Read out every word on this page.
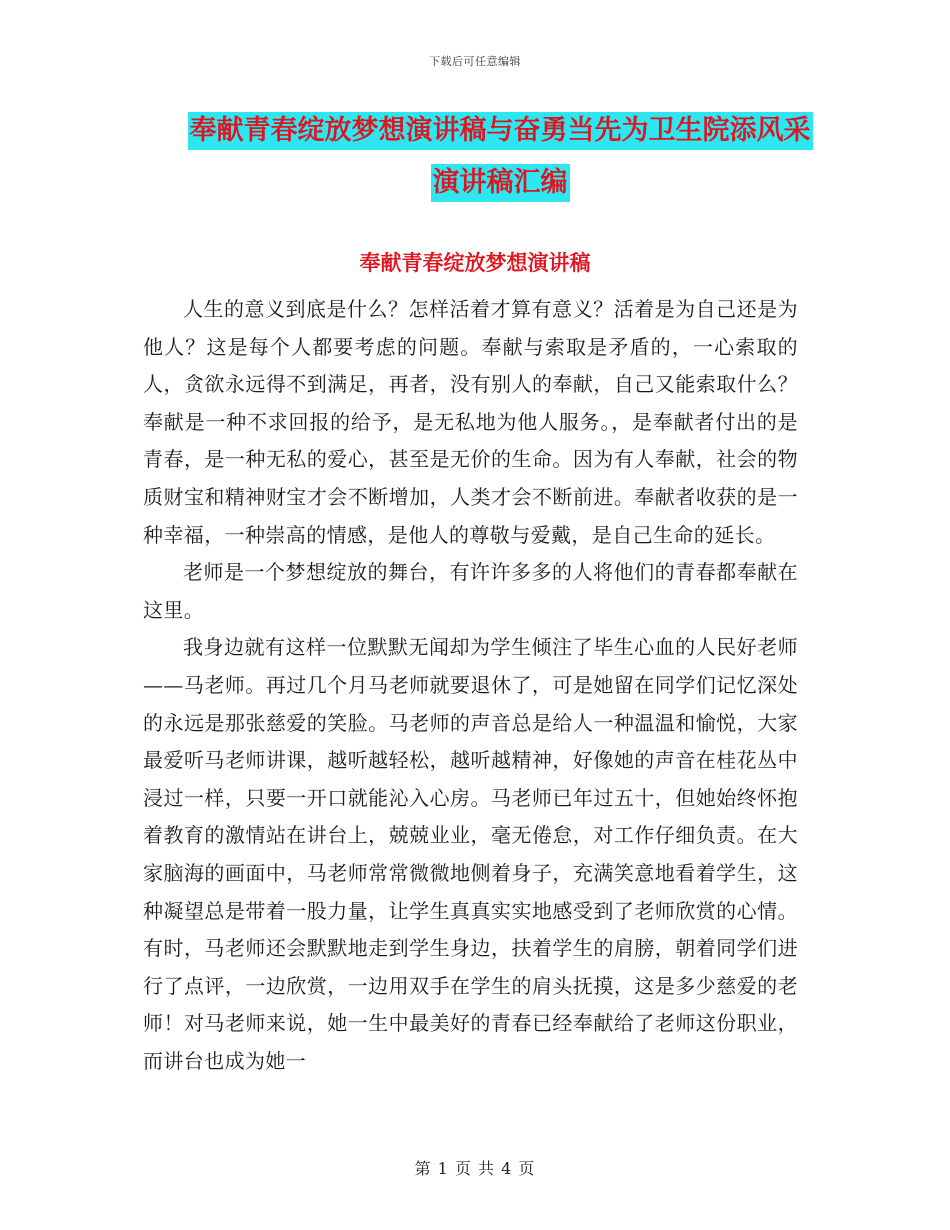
下载后可任意编辑
奉献青春绽放梦想演讲稿与奋勇当先为卫生院添风采
演讲稿汇编
奉献青春绽放梦想演讲稿

人生的意义到底是什么？怎样活着才算有意义？活着是为自己还是为他人？这是每个人都要考虑的问题。奉献与索取是矛盾的，一心索取的人，贪欲永远得不到满足，再者，没有别人的奉献，自己又能索取什么？奉献是一种不求回报的给予，是无私地为他人服务。，是奉献者付出的是青春，是一种无私的爱心，甚至是无价的生命。因为有人奉献，社会的物质财宝和精神财宝才会不断增加，人类才会不断前进。奉献者收获的是一种幸福，一种崇高的情感，是他人的尊敬与爱戴，是自己生命的延长。

老师是一个梦想绽放的舞台，有许许多多的人将他们的青春都奉献在这里。

我身边就有这样一位默默无闻却为学生倾注了毕生心血的人民好老师——马老师。再过几个月马老师就要退休了，可是她留在同学们记忆深处的永远是那张慈爱的笑脸。马老师的声音总是给人一种温温和愉悦，大家最爱听马老师讲课，越听越轻松，越听越精神，好像她的声音在桂花丛中浸过一样，只要一开口就能沁入心房。马老师已年过五十，但她始终怀抱着教育的激情站在讲台上，兢兢业业，毫无倦怠，对工作仔细负责。在大家脑海的画面中，马老师常常微微地侧着身子，充满笑意地看着学生，这种凝望总是带着一股力量，让学生真真实实地感受到了老师欣赏的心情。有时，马老师还会默默地走到学生身边，扶着学生的肩膀，朝着同学们进行了点评，一边欣赏，一边用双手在学生的肩头抚摸，这是多少慈爱的老师！对马老师来说，她一生中最美好的青春已经奉献给了老师这份职业，而讲台也成为她一

第 1 页 共 4 页
